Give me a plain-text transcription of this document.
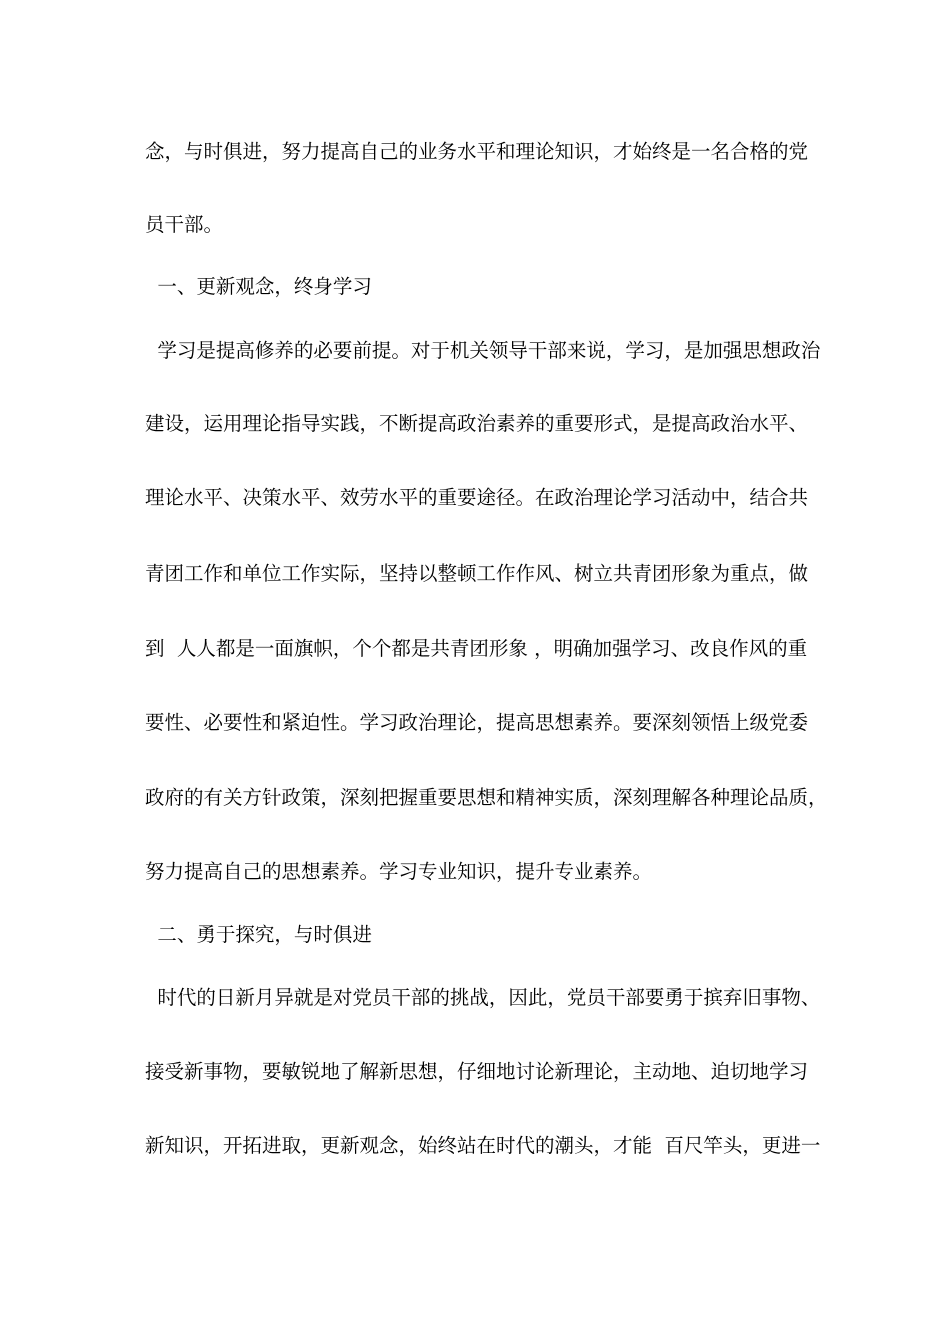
念，与时俱进，努力提高自己的业务水平和理论知识，才始终是一名合格的党
员干部。
一、更新观念，终身学习
学习是提高修养的必要前提。对于机关领导干部来说，学习，是加强思想政治
建设，运用理论指导实践，不断提高政治素养的重要形式，是提高政治水平、
理论水平、决策水平、效劳水平的重要途径。在政治理论学习活动中，结合共
青团工作和单位工作实际，坚持以整顿工作作风、树立共青团形象为重点，做
到  人人都是一面旗帜，个个都是共青团形象 ，明确加强学习、改良作风的重
要性、必要性和紧迫性。学习政治理论，提高思想素养。要深刻领悟上级党委
政府的有关方针政策，深刻把握重要思想和精神实质，深刻理解各种理论品质，
努力提高自己的思想素养。学习专业知识，提升专业素养。
二、勇于探究，与时俱进
时代的日新月异就是对党员干部的挑战，因此，党员干部要勇于摈弃旧事物、
接受新事物，要敏锐地了解新思想，仔细地讨论新理论，主动地、迫切地学习
新知识，开拓进取，更新观念，始终站在时代的潮头，才能  百尺竿头，更进一
